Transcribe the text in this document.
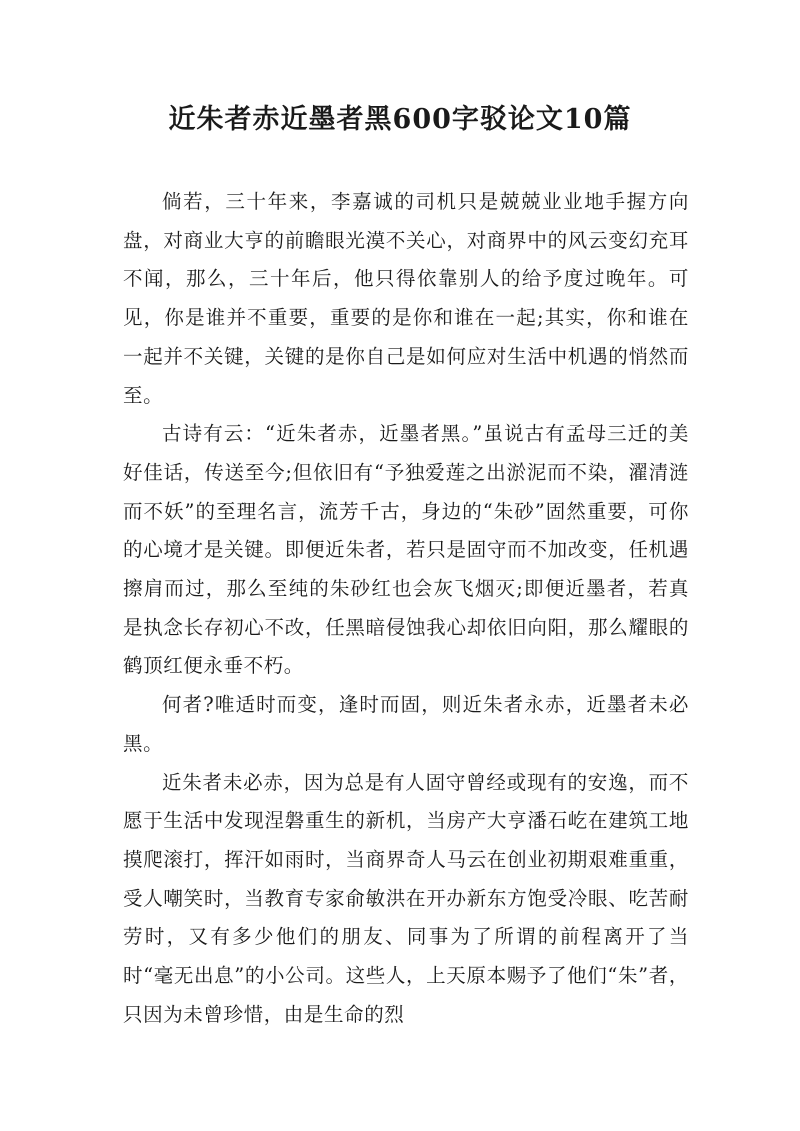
近朱者赤近墨者黑600字驳论文10篇

倘若，三十年来，李嘉诚的司机只是兢兢业业地手握方向盘，对商业大亨的前瞻眼光漠不关心，对商界中的风云变幻充耳不闻，那么，三十年后，他只得依靠别人的给予度过晚年。可见，你是谁并不重要，重要的是你和谁在一起;其实，你和谁在一起并不关键，关键的是你自己是如何应对生活中机遇的悄然而至。

古诗有云：“近朱者赤，近墨者黑。”虽说古有孟母三迁的美好佳话，传送至今;但依旧有“予独爱莲之出淤泥而不染，濯清涟而不妖”的至理名言，流芳千古，身边的“朱砂”固然重要，可你的心境才是关键。即便近朱者，若只是固守而不加改变，任机遇擦肩而过，那么至纯的朱砂红也会灰飞烟灭;即便近墨者，若真是执念长存初心不改，任黑暗侵蚀我心却依旧向阳，那么耀眼的鹤顶红便永垂不朽。

何者?唯适时而变，逢时而固，则近朱者永赤，近墨者未必黑。

近朱者未必赤，因为总是有人固守曾经或现有的安逸，而不愿于生活中发现涅磐重生的新机，当房产大亨潘石屹在建筑工地摸爬滚打，挥汗如雨时，当商界奇人马云在创业初期艰难重重，受人嘲笑时，当教育专家俞敏洪在开办新东方饱受冷眼、吃苦耐劳时，又有多少他们的朋友、同事为了所谓的前程离开了当时“毫无出息”的小公司。这些人，上天原本赐予了他们“朱”者，只因为未曾珍惜，由是生命的烈
